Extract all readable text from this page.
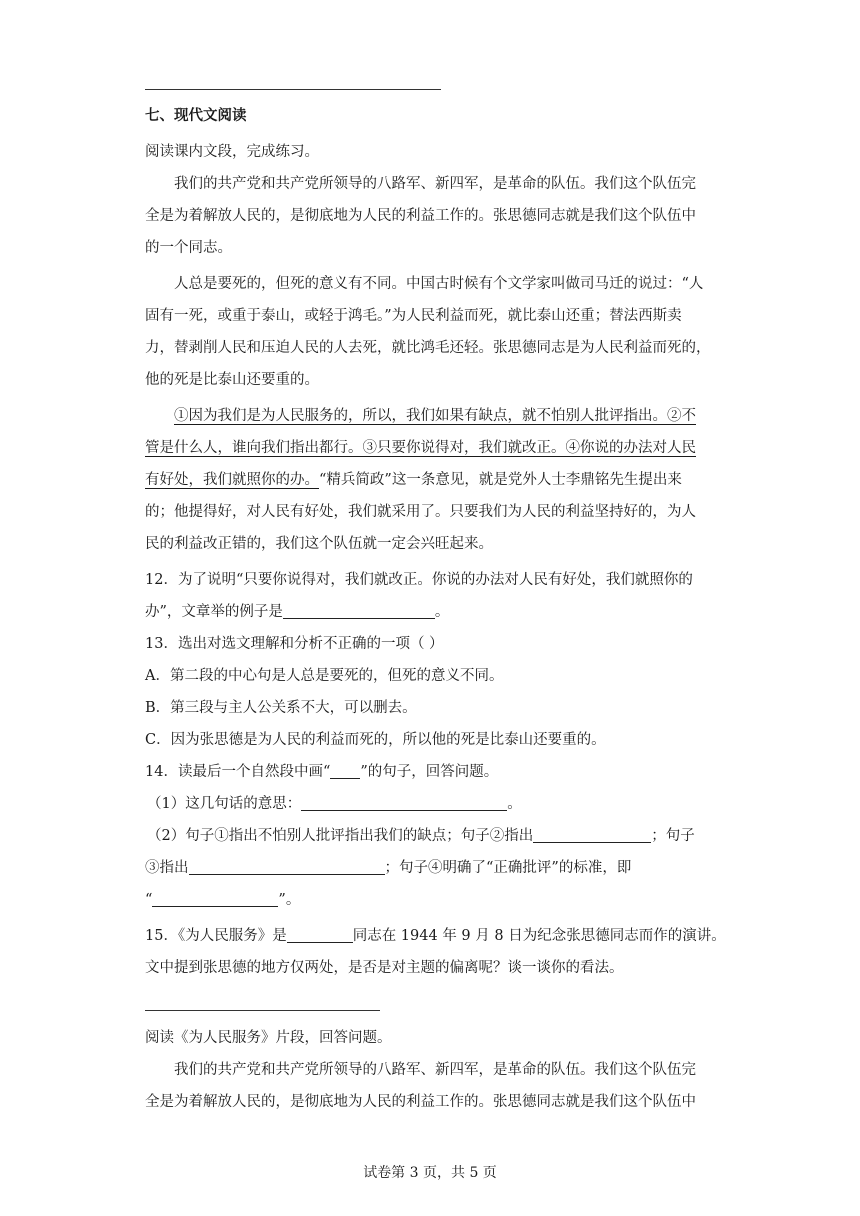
七、现代文阅读
阅读课内文段，完成练习。
我们的共产党和共产党所领导的八路军、新四军，是革命的队伍。我们这个队伍完
全是为着解放人民的，是彻底地为人民的利益工作的。张思德同志就是我们这个队伍中
的一个同志。
人总是要死的，但死的意义有不同。中国古时候有个文学家叫做司马迁的说过：“人
固有一死，或重于泰山，或轻于鸿毛。”为人民利益而死，就比泰山还重；替法西斯卖
力，替剥削人民和压迫人民的人去死，就比鸿毛还轻。张思德同志是为人民利益而死的，
他的死是比泰山还要重的。
①因为我们是为人民服务的，所以，我们如果有缺点，就不怕别人批评指出。②不
管是什么人，谁向我们指出都行。③只要你说得对，我们就改正。④你说的办法对人民
有好处，我们就照你的办。“精兵简政”这一条意见，就是党外人士李鼎铭先生提出来
的；他提得好，对人民有好处，我们就采用了。只要我们为人民的利益坚持好的，为人
民的利益改正错的，我们这个队伍就一定会兴旺起来。
12．为了说明“只要你说得对，我们就改正。你说的办法对人民有好处，我们就照你的
办”，文章举的例子是	。
13．选出对选文理解和分析不正确的一项（ ）
A．第二段的中心句是人总是要死的，但死的意义不同。
B．第三段与主人公关系不大，可以删去。
C．因为张思德是为人民的利益而死的，所以他的死是比泰山还要重的。
14．读最后一个自然段中画“ ”的句子，回答问题。
（1）这几句话的意思：	。
（2）句子①指出不怕别人批评指出我们的缺点；句子②指出	；句子
③指出	；句子④明确了“正确批评”的标准，即
“	”。
15．《为人民服务》是	同志在 1944 年 9 月 8 日为纪念张思德同志而作的演讲。
文中提到张思德的地方仅两处，是否是对主题的偏离呢？谈一谈你的看法。
阅读《为人民服务》片段，回答问题。
我们的共产党和共产党所领导的八路军、新四军，是革命的队伍。我们这个队伍完
全是为着解放人民的，是彻底地为人民的利益工作的。张思德同志就是我们这个队伍中
试卷第 3 页，共 5 页
